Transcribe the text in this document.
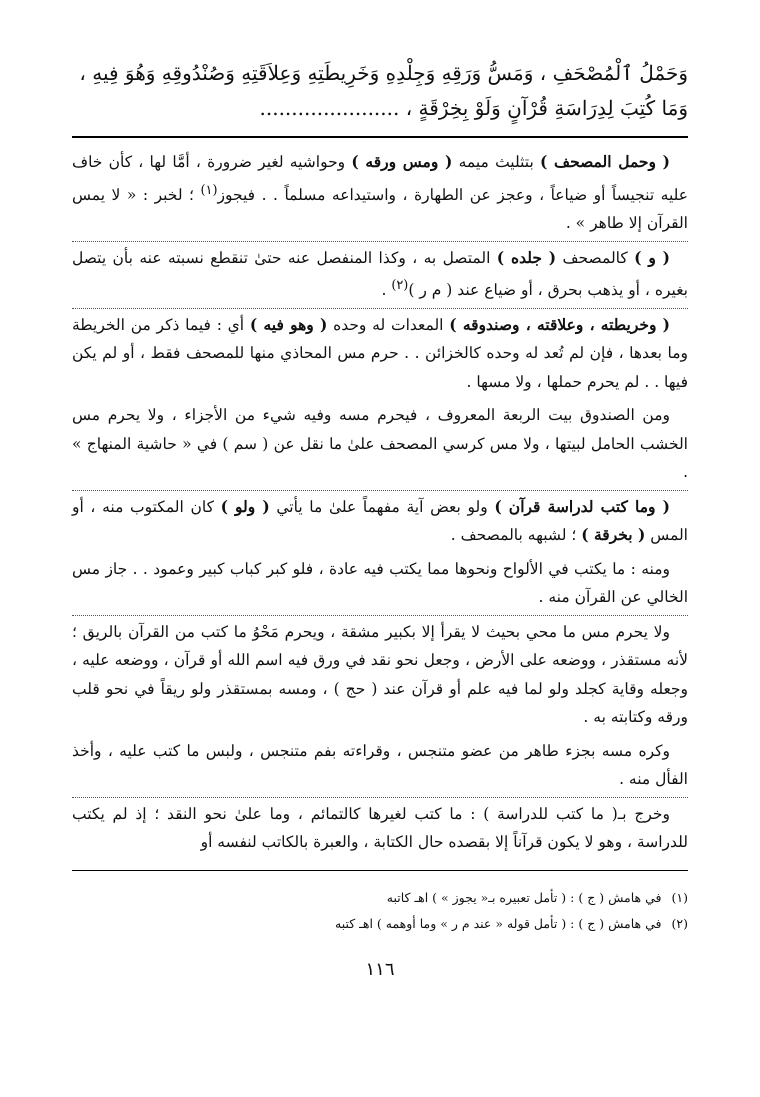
وَحَمْلُ ٱلْمُصْحَفِ ، وَمَسُّ وَرَقِهِ وَجِلْدِهِ وَخَرِيطَتِهِ وَعِلاَقَتِهِ وَصُنْدُوقِهِ وَهُوَ فِيهِ ،
وَمَا كُتِبَ لِدِرَاسَةِ قُرْآنٍ وَلَوْ بِخِرْقَةٍ ، ......................

( وحمل المصحف ) بتثليث ميمه ( ومس ورقه ) وحواشيه لغير ضرورة ، أمَّا لها ، كأن خاف عليه تنجيساً أو ضياعاً ، وعجز عن الطهارة ، واستيداعه مسلماً . . فيجوز$^{(١)}$ ؛ لخبر : « لا يمس القرآن إلا طاهر » .

( و ) كالمصحف ( جلده ) المتصل به ، وكذا المنفصل عنه حتىٰ تنقطع نسبته عنه بأن يتصل بغيره ، أو يذهب بحرق ، أو ضياع عند ( م ر )$^{(٢)}$ .

( وخريطته ، وعلاقته ، وصندوقه ) المعدات له وحده ( وهو فيه ) أي : فيما ذكر من الخريطة وما بعدها ، فإن لم تُعد له وحده كالخزائن . . حرم مس المحاذي منها للمصحف فقط ، أو لم يكن فيها . . لم يحرم حملها ، ولا مسها .

ومن الصندوق بيت الربعة المعروف ، فيحرم مسه وفيه شيء من الأجزاء ، ولا يحرم مس الخشب الحامل لبيتها ، ولا مس كرسي المصحف علىٰ ما نقل عن ( سم ) في « حاشية المنهاج » .

( وما كتب لدراسة قرآن ) ولو بعض آية مفهماً علىٰ ما يأتي ( ولو ) كان المكتوب منه ، أو المس ( بخرقة ) ؛ لشبهه بالمصحف .

ومنه : ما يكتب في الألواح ونحوها مما يكتب فيه عادة ، فلو كبر كباب كبير وعمود . . جاز مس الخالي عن القرآن منه .

ولا يحرم مس ما محي بحيث لا يقرأ إلا بكبير مشقة ، ويحرم مَحْوُ ما كتب من القرآن بالريق ؛ لأنه مستقذر ، ووضعه على الأرض ، وجعل نحو نقد في ورق فيه اسم الله أو قرآن ، ووضعه عليه ، وجعله وقاية كجلد ولو لما فيه علم أو قرآن عند ( حج ) ، ومسه بمستقذر ولو ريقاً في نحو قلب ورقه وكتابته به .

وكره مسه بجزء طاهر من عضو متنجس ، وقراءته بفم متنجس ، ولبس ما كتب عليه ، وأخذ الفأل منه .

وخرج بـ( ما كتب للدراسة ) : ما كتب لغيرها كالتمائم ، وما علىٰ نحو النقد ؛ إذ لم يكتب للدراسة ، وهو لا يكون قرآناً إلا بقصده حال الكتابة ، والعبرة بالكاتب لنفسه أو

(١)
في هامش ( ج ) : ( تأمل تعبيره بـ« يجوز » ) اهـ كاتبه
(٢)
في هامش ( ج ) : ( تأمل قوله « عند م ر » وما أوهمه ) اهـ كتبه
١١٦
